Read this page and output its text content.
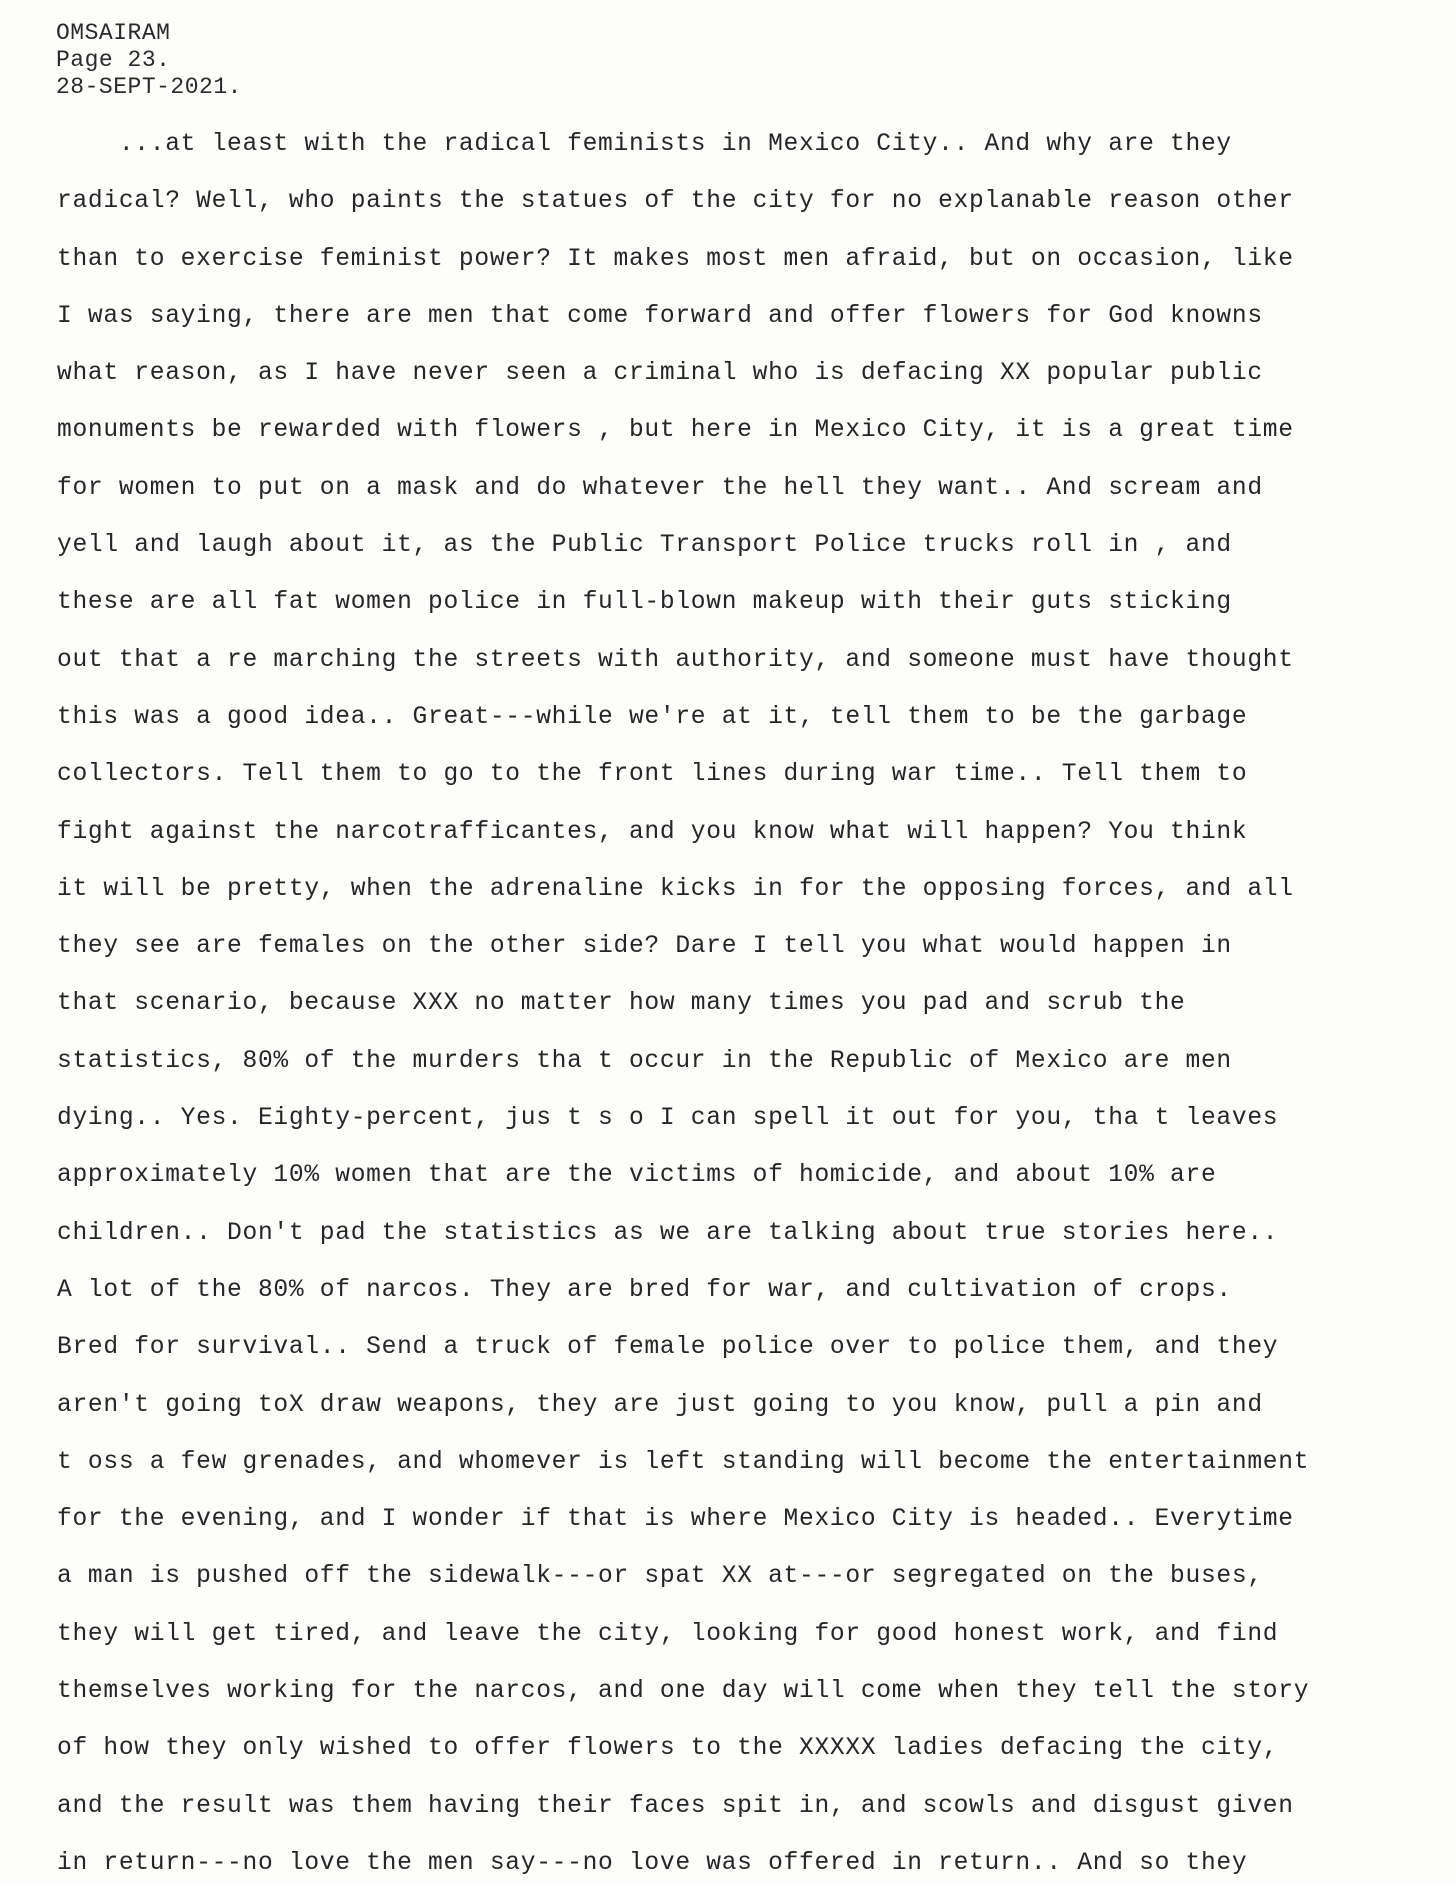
OMSAIRAM
Page 23.
28-SEPT-2021.
...at least with the radical feminists in Mexico City.. And why are they
radical? Well, who paints the statues of the city for no explanable reason other
than to exercise feminist power? It makes most men afraid, but on occasion, like
I was saying, there are men that come forward and offer flowers for God knowns
what reason, as I have never seen a criminal who is defacing XX popular public
monuments be rewarded with flowers , but here in Mexico City, it is a great time
for women to put on a mask and do whatever the hell they want.. And scream and
yell and laugh about it, as the Public Transport Police trucks roll in , and
these are all fat women police in full-blown makeup with their guts sticking
out that a re marching the streets with authority, and someone must have thought
this was a good idea.. Great---while we're at it, tell them to be the garbage
collectors. Tell them to go to the front lines during war time.. Tell them to
fight against the narcotrafficantes, and you know what will happen? You think
it will be pretty, when the adrenaline kicks in for the opposing forces, and all
they see are females on the other side? Dare I tell you what would happen in
that scenario, because XXX no matter how many times you pad and scrub the
statistics, 80% of the murders tha t occur in the Republic of Mexico are men
dying.. Yes. Eighty-percent, jus t s o I can spell it out for you, tha t leaves
approximately 10% women that are the victims of homicide, and about 10% are
children.. Don't pad the statistics as we are talking about true stories here..
A lot of the 80% of narcos. They are bred for war, and cultivation of crops.
Bred for survival.. Send a truck of female police over to police them, and they
aren't going toX draw weapons, they are just going to you know, pull a pin and
t oss a few grenades, and whomever is left standing will become the entertainment
for the evening, and I wonder if that is where Mexico City is headed.. Everytime
a man is pushed off the sidewalk---or spat XX at---or segregated on the buses,
they will get tired, and leave the city, looking for good honest work, and find
themselves working for the narcos, and one day will come when they tell the story
of how they only wished to offer flowers to the XXXXX ladies defacing the city,
and the result was them having their faces spit in, and scowls and disgust given
in return---no love the men say---no love was offered in return.. And so they
